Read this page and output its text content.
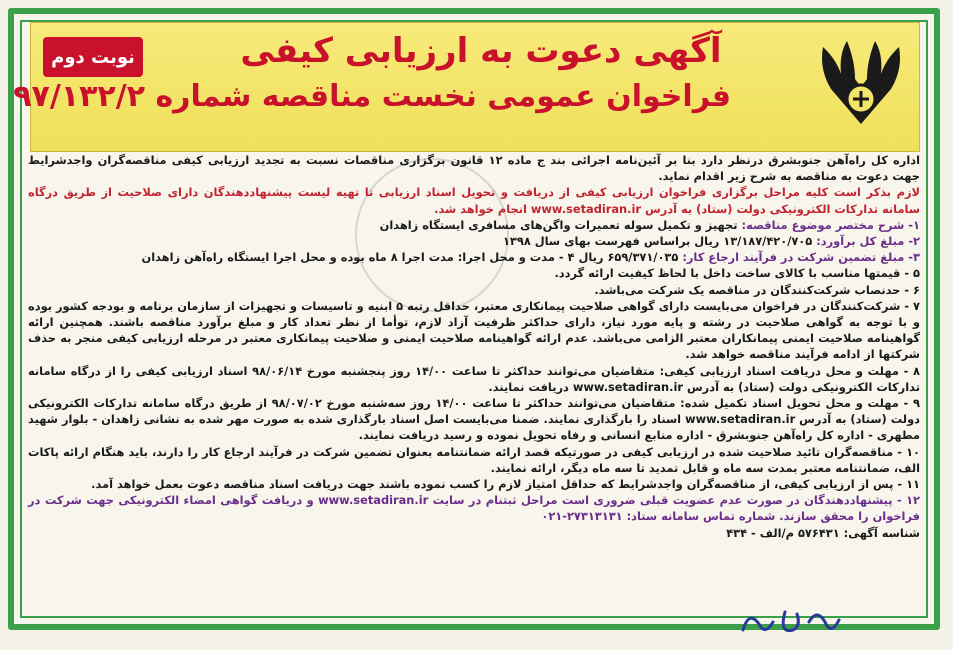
آگهی دعوت به ارزیابی کیفی
فراخوان عمومی نخست مناقصه شماره ۹۷/۱۳۲/۲
نوبت دوم

اداره کل راه‌آهن جنوبشرق درنظر دارد بنا بر آئین‌نامه اجرائی بند ج ماده ۱۲ قانون برگزاری مناقصات نسبت به تجدید ارزیابی کیفی مناقصه‌گران واجدشرایط جهت دعوت به مناقصه به شرح زیر اقدام نماید.

لازم بذکر است کلیه مراحل برگزاری فراخوان ارزیابی کیفی از دریافت و تحویل اسناد ارزیابی تا تهیه لیست پیشنهاددهندگان دارای صلاحیت از طریق درگاه سامانه تدارکات الکترونیکی دولت (ستاد) به آدرس www.setadiran.ir انجام خواهد شد.

۱- شرح مختصر موضوع مناقصه: تجهیز و تکمیل سوله تعمیرات واگن‌های مسافری ایستگاه زاهدان

۲- مبلغ کل برآورد: ۱۳/۱۸۷/۴۲۰/۷۰۵ ریال براساس فهرست بهای سال ۱۳۹۸

۳- مبلغ تضمین شرکت در فرآیند ارجاع کار: ۶۵۹/۳۷۱/۰۳۵ ریال ۴ - مدت و محل اجرا: مدت اجرا ۸ ماه بوده و محل اجرا ایستگاه راه‌آهن زاهدان

۵ - قیمتها مناسب با کالای ساخت داخل با لحاظ کیفیت ارائه گردد.

۶ - حدنصاب شرکت‌کنندگان در مناقصه یک شرکت می‌باشد.

۷ - شرکت‌کنندگان در فراخوان می‌بایست دارای گواهی صلاحیت پیمانکاری معتبر، حداقل رتبه ۵ ابنیه و تاسیسات و تجهیزات از سازمان برنامه و بودجه کشور بوده و با توجه به گواهی صلاحیت در رشته و پایه مورد نیاز، دارای حداکثر ظرفیت آزاد لازم، توأما از نظر تعداد کار و مبلغ برآورد مناقصه باشند. همچنین ارائه گواهینامه صلاحیت ایمنی پیمانکاران معتبر الزامی می‌باشد. عدم ارائه گواهینامه صلاحیت ایمنی و صلاحیت پیمانکاری معتبر در مرحله ارزیابی کیفی منجر به حذف شرکتها از ادامه فرآیند مناقصه خواهد شد.

۸ - مهلت و محل دریافت اسناد ارزیابی کیفی: متقاضیان می‌توانند حداکثر تا ساعت ۱۴/۰۰ روز پنجشنبه مورخ ۹۸/۰۶/۱۴ اسناد ارزیابی کیفی را از درگاه سامانه تدارکات الکترونیکی دولت (ستاد) به آدرس www.setadiran.ir دریافت نمایند.

۹ - مهلت و محل تحویل اسناد تکمیل شده: متقاضیان می‌توانند حداکثر تا ساعت ۱۴/۰۰ روز سه‌شنبه مورخ ۹۸/۰۷/۰۲ از طریق درگاه سامانه تدارکات الکترونیکی دولت (ستاد) به آدرس www.setadiran.ir اسناد را بارگذاری نمایند. ضمنا می‌بایست اصل اسناد بارگذاری شده به صورت مهر شده به نشانی زاهدان - بلوار شهید مطهری - اداره کل راه‌آهن جنوبشرق - اداره منابع انسانی و رفاه تحویل نموده و رسید دریافت نمایند.

۱۰ - مناقصه‌گران تائید صلاحیت شده در ارزیابی کیفی در صورتیکه قصد ارائه ضمانتنامه بعنوان تضمین شرکت در فرآیند ارجاع کار را دارند، باید هنگام ارائه پاکات الف، ضمانتنامه معتبر بمدت سه ماه و قابل تمدید تا سه ماه دیگر، ارائه نمایند.

۱۱ - پس از ارزیابی کیفی، از مناقصه‌گران واجدشرایط که حداقل امتیاز لازم را کسب نموده باشند جهت دریافت اسناد مناقصه دعوت بعمل خواهد آمد.

۱۲ - پیشنهاددهندگان در صورت عدم عضویت قبلی ضروری است مراحل ثبتنام در سایت www.setadiran.ir و دریافت گواهی امضاء الکترونیکی جهت شرکت در فراخوان را محقق سازند. شماره تماس سامانه ستاد: ۲۷۳۱۳۱۳۱-۰۲۱

شناسه آگهی: ۵۷۶۴۳۱ م/الف - ۴۳۴
